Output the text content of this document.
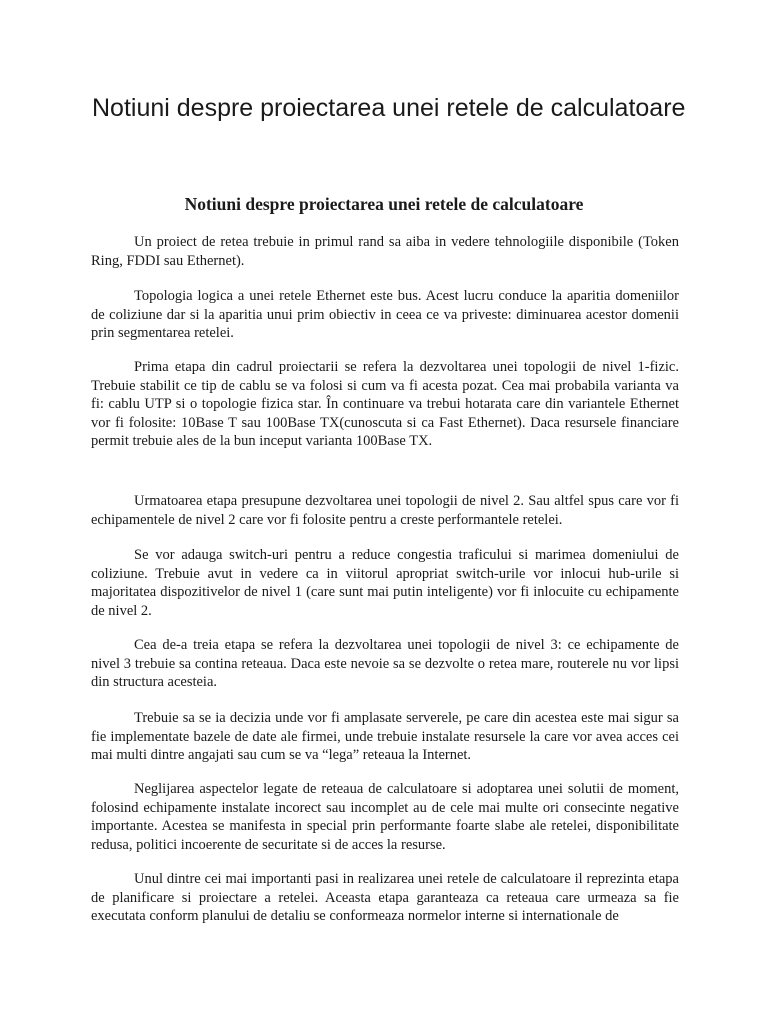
Notiuni despre proiectarea unei retele de calculatoare
Notiuni despre proiectarea unei retele de calculatoare

Un proiect de retea trebuie in primul rand sa aiba in vedere tehnologiile disponibile (Token Ring, FDDI sau Ethernet).

Topologia logica a unei retele Ethernet este bus. Acest lucru conduce la aparitia domeniilor de coliziune dar si la aparitia unui prim obiectiv in ceea ce va priveste: diminuarea acestor domenii prin segmentarea retelei.

Prima etapa din cadrul proiectarii se refera la dezvoltarea unei topologii de nivel 1-fizic. Trebuie stabilit ce tip de cablu se va folosi si cum va fi acesta pozat. Cea mai probabila varianta va fi: cablu UTP si o topologie fizica star. În continuare va trebui hotarata care din variantele Ethernet vor fi folosite: 10Base T sau 100Base TX(cunoscuta si ca Fast Ethernet). Daca resursele financiare permit trebuie ales de la bun inceput varianta 100Base TX.

Urmatoarea etapa presupune dezvoltarea unei topologii de nivel 2. Sau altfel spus care vor fi echipamentele de nivel 2 care vor fi folosite pentru a creste performantele retelei.

Se vor adauga switch-uri pentru a reduce congestia traficului si marimea domeniului de coliziune. Trebuie avut in vedere ca in viitorul apropriat switch-urile vor inlocui hub-urile si majoritatea dispozitivelor de nivel 1 (care sunt mai putin inteligente) vor fi inlocuite cu echipamente de nivel 2.

Cea de-a treia etapa se refera la dezvoltarea unei topologii de nivel 3: ce echipamente de nivel 3 trebuie sa contina reteaua. Daca este nevoie sa se dezvolte o retea mare, routerele nu vor lipsi din structura acesteia.

Trebuie sa se ia decizia unde vor fi amplasate serverele, pe care din acestea este mai sigur sa fie implementate bazele de date ale firmei, unde trebuie instalate resursele la care vor avea acces cei mai multi dintre angajati sau cum se va “lega” reteaua la Internet.

Neglijarea aspectelor legate de reteaua de calculatoare si adoptarea unei solutii de moment, folosind echipamente instalate incorect sau incomplet au de cele mai multe ori consecinte negative importante. Acestea se manifesta in special prin performante foarte slabe ale retelei, disponibilitate redusa, politici incoerente de securitate si de acces la resurse.

Unul dintre cei mai importanti pasi in realizarea unei retele de calculatoare il reprezinta etapa de planificare si proiectare a retelei. Aceasta etapa garanteaza ca reteaua care urmeaza sa fie executata conform planului de detaliu se conformeaza normelor interne si internationale de
